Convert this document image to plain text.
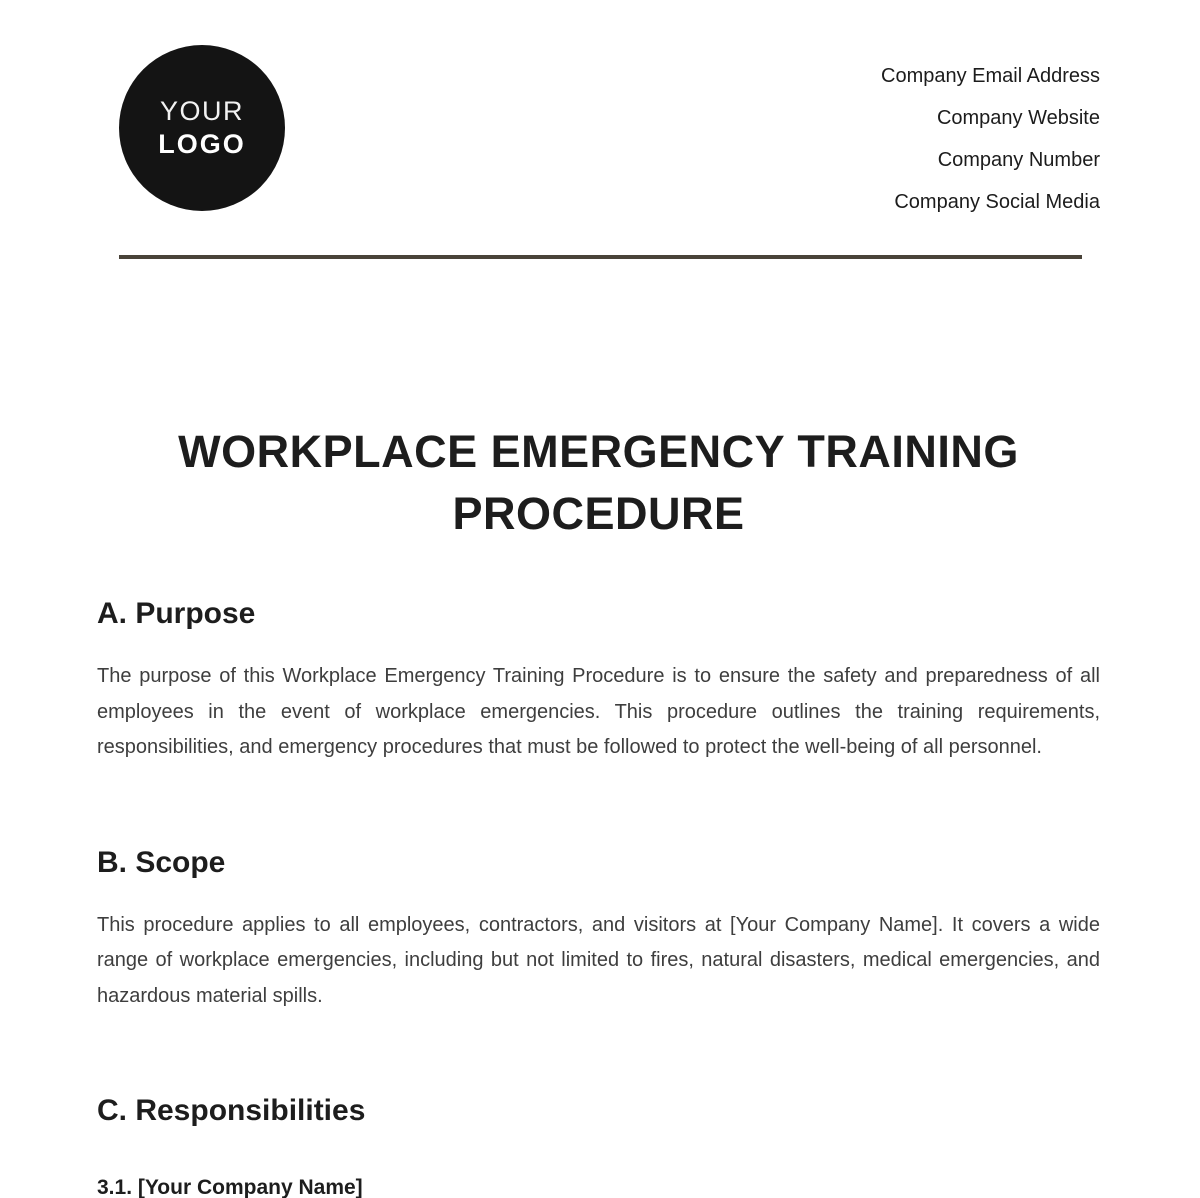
YOUR
LOGO
Company Email Address
Company Website
Company Number
Company Social Media
WORKPLACE EMERGENCY TRAINING PROCEDURE
A. Purpose

The purpose of this Workplace Emergency Training Procedure is to ensure the safety and preparedness of all employees in the event of workplace emergencies. This procedure outlines the training requirements, responsibilities, and emergency procedures that must be followed to protect the well-being of all personnel.

B. Scope

This procedure applies to all employees, contractors, and visitors at [Your Company Name]. It covers a wide range of workplace emergencies, including but not limited to fires, natural disasters, medical emergencies, and hazardous material spills.

C. Responsibilities
3.1. [Your Company Name]
